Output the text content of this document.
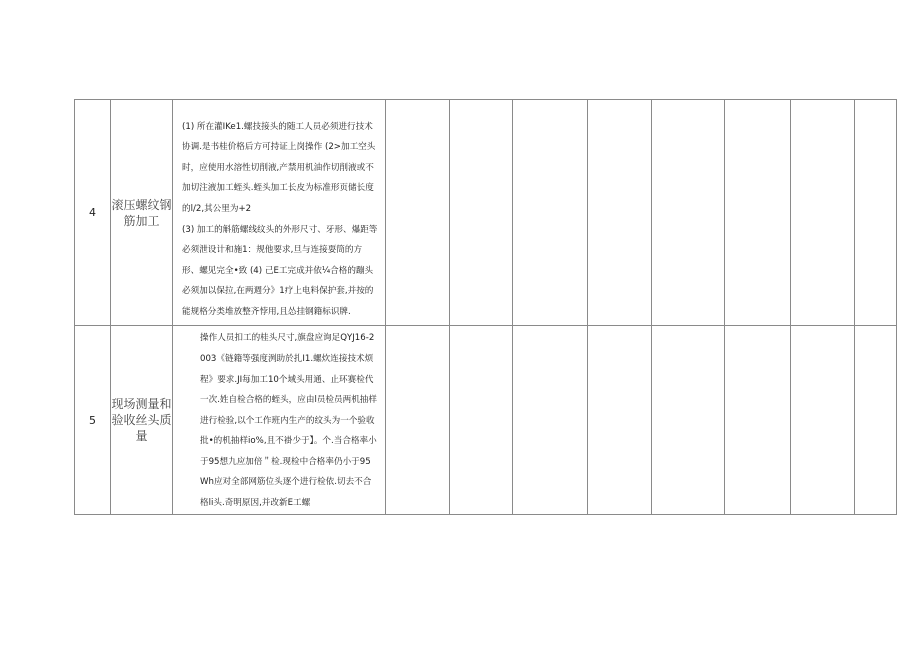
4	滚压螺纹钢筋加工	(1) 所在灌IKe1.螺技接头的随工人员必须进行技术协调.是书桂价格后方可持证上岗操作 (2>加工空头时，应使用水溶性切削液,产禁用机油作切削液或不加切注液加工蛭头.蛭头加工长皮为标准形页储长度的l/2,其公里为+2
(3) 加工的斛筋螺线纹头的外形尺寸、牙形、爆距等必须泄设计和施1：规他要求,旦与连接耍筒的方形、螺见完全•致 (4) 己E工完成并依¼合格的蹦头必须加以保拉,在两週分》1疗上电料保护套,并按的能规格分类堆放整齐悖用,且怂挂钢籍标识牌.								

5	现场测量和验收丝头质量	操作人员扣工的桂头尺寸,旗盘应询足QYJ16-2003《链籍等强度洌助於扎I1.螺炊连接技术烦程》要求.JI每加工10个域头用通、止环赛检代一次.姓自检合格的蛭头，应由l员检员两机抽样进行检验,以个工作班内生产的纹头为一个验收批•的机抽样io%,且不褂少于】。个.当合格率小于95想九应加倍＂检.现检中合格率仍小于95Wh应对全部网筋位头逐个进行检依.切去不合格li头.奇明原因,并改新E工螺								
